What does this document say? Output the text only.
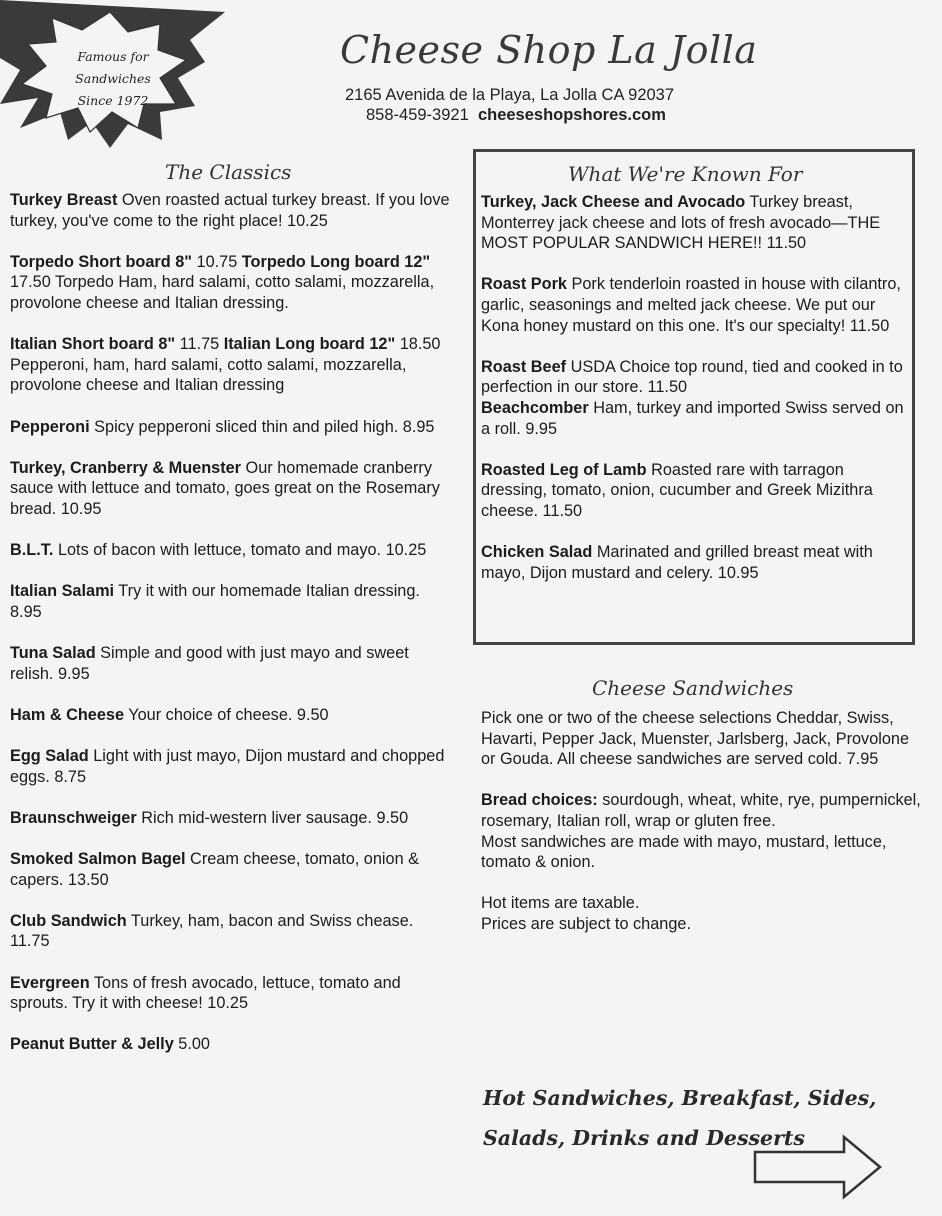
Famous for
Sandwiches
Since 1972
Cheese Shop La Jolla
2165 Avenida de la Playa, La Jolla CA 92037
858-459-3921 cheeseshopshores.com
The Classics
Turkey Breast Oven roasted actual turkey breast. If you love turkey, you've come to the right place! 10.25
Torpedo Short board 8" 10.75 Torpedo Long board 12" 17.50 Torpedo Ham, hard salami, cotto salami, mozzarella, provolone cheese and Italian dressing.
Italian Short board 8" 11.75 Italian Long board 12" 18.50 Pepperoni, ham, hard salami, cotto salami, mozzarella, provolone cheese and Italian dressing
Pepperoni Spicy pepperoni sliced thin and piled high. 8.95
Turkey, Cranberry & Muenster Our homemade cranberry sauce with lettuce and tomato, goes great on the Rosemary bread. 10.95
B.L.T. Lots of bacon with lettuce, tomato and mayo. 10.25
Italian Salami Try it with our homemade Italian dressing. 8.95
Tuna Salad Simple and good with just mayo and sweet relish. 9.95
Ham & Cheese Your choice of cheese. 9.50
Egg Salad Light with just mayo, Dijon mustard and chopped eggs. 8.75
Braunschweiger Rich mid-western liver sausage. 9.50
Smoked Salmon Bagel Cream cheese, tomato, onion & capers. 13.50
Club Sandwich Turkey, ham, bacon and Swiss chease. 11.75
Evergreen Tons of fresh avocado, lettuce, tomato and sprouts. Try it with cheese! 10.25
Peanut Butter & Jelly 5.00
What We're Known For
Turkey, Jack Cheese and Avocado Turkey breast, Monterrey jack cheese and lots of fresh avocado—THE MOST POPULAR SANDWICH HERE!! 11.50
Roast Pork Pork tenderloin roasted in house with cilantro, garlic, seasonings and melted jack cheese. We put our Kona honey mustard on this one. It's our specialty! 11.50
Roast Beef USDA Choice top round, tied and cooked in to perfection in our store. 11.50
Beachcomber Ham, turkey and imported Swiss served on a roll. 9.95
Roasted Leg of Lamb Roasted rare with tarragon dressing, tomato, onion, cucumber and Greek Mizithra cheese. 11.50
Chicken Salad Marinated and grilled breast meat with mayo, Dijon mustard and celery. 10.95
Cheese Sandwiches

Pick one or two of the cheese selections Cheddar, Swiss, Havarti, Pepper Jack, Muenster, Jarlsberg, Jack, Provolone or Gouda. All cheese sandwiches are served cold. 7.95

Bread choices: sourdough, wheat, white, rye, pumpernickel, rosemary, Italian roll, wrap or gluten free.

Most sandwiches are made with mayo, mustard, lettuce, tomato & onion.

Hot items are taxable.

Prices are subject to change.

Hot Sandwiches, Breakfast, Sides,
Salads, Drinks and Desserts
